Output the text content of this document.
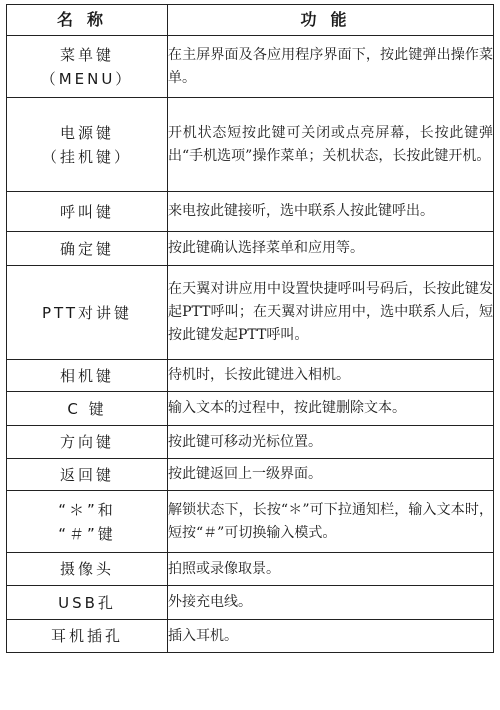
名称	功能

菜单键
（MENU）	在主屏界面及各应用程序界面下，按此键弹出操作菜单。

电源键
（挂机键）	开机状态短按此键可关闭或点亮屏幕，长按此键弹出“手机选项”操作菜单；关机状态，长按此键开机。

呼叫键	来电按此键接听，选中联系人按此键呼出。

确定键	按此键确认选择菜单和应用等。

PTT对讲键	在天翼对讲应用中设置快捷呼叫号码后，长按此键发起PTT呼叫；在天翼对讲应用中，选中联系人后，短按此键发起PTT呼叫。

相机键	待机时，长按此键进入相机。

C 键	输入文本的过程中，按此键删除文本。

方向键	按此键可移动光标位置。

返回键	按此键返回上一级界面。

“＊”和
“＃”键	解锁状态下，长按“＊”可下拉通知栏，输入文本时，短按“＃”可切换输入模式。

摄像头	拍照或录像取景。

USB孔	外接充电线。

耳机插孔	插入耳机。
